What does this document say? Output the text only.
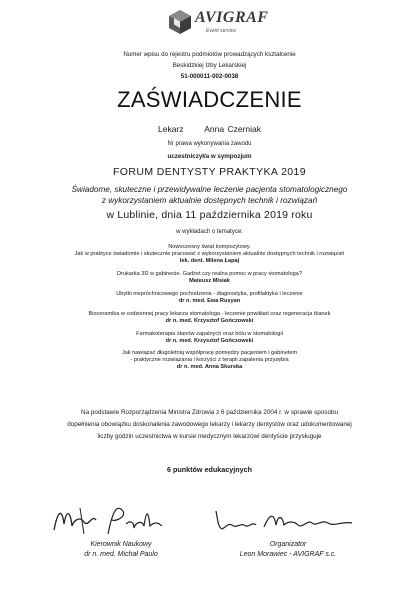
AVIGRAF
Event service
Numer wpisu do rejestru podmiotów prowadzących kształcenie
Beskidzkiej Izby Lekarskiej
51-000011-002-0038
ZAŚWIADCZENIE
Lekarz Anna Czerniak
Nr prawa wykonywania zawodu
uczestniczył/a w sympozjum
FORUM DENTYSTY PRAKTYKA 2019
Świadome, skuteczne i przewidywalne leczenie pacjenta stomatologicznego
z wykorzystaniem aktualnie dostępnych technik i rozwiązań
w Lublinie, dnia 11 października 2019 roku
w wykładach o tematyce:
Nowoczesny świat kompozytowy.
Jak w praktyce świadomie i skutecznie pracować z wykorzystaniem aktualnie dostępnych technik i rozwiązań
lek. dent. Milena Łapaj
Drukarka 3D w gabinecie. Gadżet czy realna pomoc w pracy stomatologa?
Mateusz Misiak
Ubytki niepróchnicowego pochodzenia - diagnostyka, profilaktyka i leczenie
dr n. med. Ewa Rusyan
Bioceramika w codziennej pracy lekarza stomatologa - leczenie powikłań oraz regeneracja tkanek
dr n. med. Krzysztof Gończowski
Farmakoterapia stanów zapalnych oraz bólu w stomatologii
dr n. med. Krzysztof Gończowski
Jak nawiązać długoletnią współpracę pomiędzy pacjentem i gabinetem
- praktyczne rozwiązania i korzyści z terapii zapalenia przyzębia
dr n. med. Anna Skurska
Na podstawie Rozporządzenia Ministra Zdrowia z 6 października 2004 r. w sprawie sposobu
dopełnienia obowiązku doskonalenia zawodowego lekarzy i lekarzy dentystów oraz udokumentowanej
liczby godzin uczestnictwa w kursie medycznym lekarzowi dentyście przysługuje
6 punktów edukacyjnych
Kierownik Naukowy
dr n. med. Michał Paulo
Organizator
Leon Morawiec - AVIGRAF s.c.
